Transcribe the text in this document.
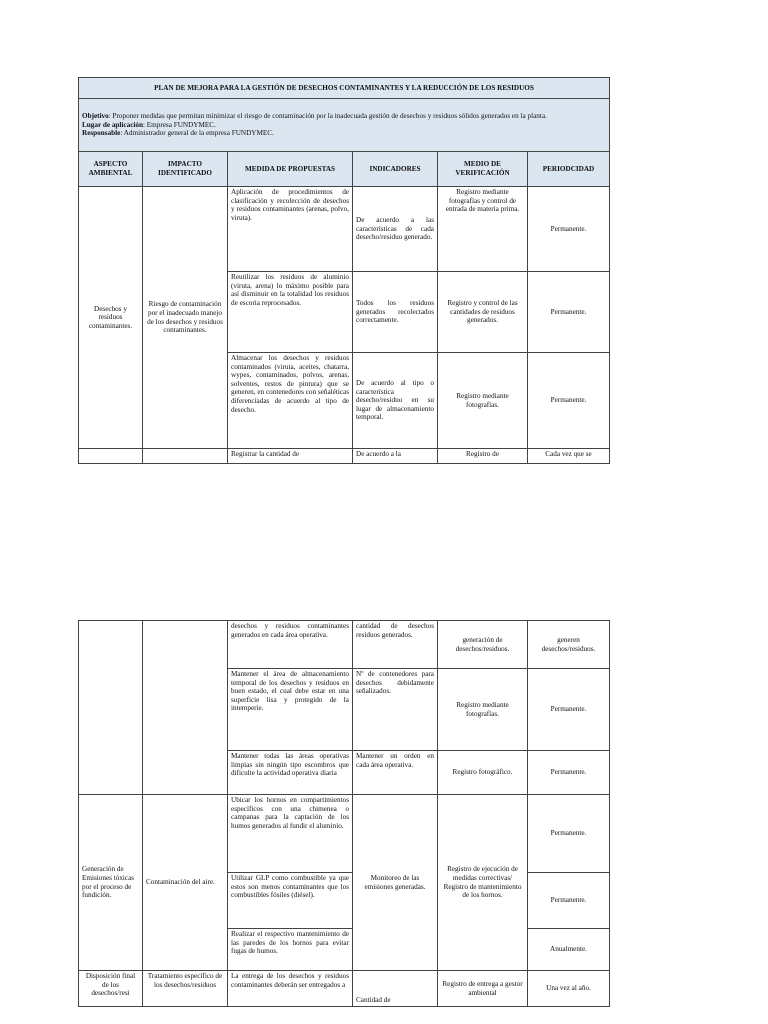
PLAN DE MEJORA PARA LA GESTIÓN DE DESECHOS CONTAMINANTES Y LA REDUCCIÓN DE LOS RESIDUOS					
Objetivo: Proponer medidas que permitan minimizar el riesgo de contaminación por la inadecuada gestión de desechos y residuos sólidos generados en la planta.
Lugar de aplicación: Empresa FUNDYMEC.
Responsable: Administrador general de la empresa FUNDYMEC.					
ASPECTO AMBIENTAL	IMPACTO IDENTIFICADO	MEDIDA DE PROPUESTAS	INDICADORES	MEDIO DE VERIFICACIÓN	PERIODCIDAD
Desechos y residuos contaminantes.	Riesgo de contaminación por el inadecuado manejo de los desechos y residuos contaminantes.	Aplicación de procedimientos de clasificación y recolección de desechos y residuos contaminantes (arenas, polvo, viruta).	De acuerdo a las características de cada desecho/residuo generado.	Registro mediante fotografías y control de entrada de materia prima.	Permanente.
		Reutilizar los residuos de aluminio (viruta, arena) lo máximo posible para así disminuir en la totalidad los residuos de escoria reprocesados.	Todos los residuos generados recolectados correctamente.	Registro y control de las cantidades de residuos generados.	Permanente.
		Almacenar los desechos y residuos contaminados (viruta, aceites, chatarra, wypes, contaminados, polvos, arenas, solventes, restos de pintura) que se generen, en contenedores con señaléticas diferenciadas de acuerdo al tipo de desecho.	De acuerdo al tipo o característica desecho/residuo en su lugar de almacenamiento temporal.	Registro mediante fotografías.	Permanente.
		Registrar la cantidad de	De acuerdo a la	Registro de	Cada vez que se
		desechos y residuos contaminantes generados en cada área operativa.	cantidad de desechos residuos generados.	generación de desechos/residuos.	generen desechos/residuos.
		Mantener el área de almacenamiento temporal de los desechos y residuos en buen estado, el cual debe estar en una superficie lisa y protegido de la intemperie.	Nº de contenedores para desechos debidamente señalizados.	Registro mediante fotografías.	Permanente.
		Mantener todas las áreas operativas limpias sin ningún tipo escombros que dificulte la actividad operativa diaria	Mantener un orden en cada área operativa.	Registro fotográfico.	Permanente.
Generación de Emisiones tóxicas por el proceso de fundición.	Contaminación del aire.	Ubicar los hornos en compartimientos específicos con una chimenea o campanas para la captación de los humos generados al fundir el aluminio.	Monitoreo de las emisiones generadas.	Registro de ejecución de medidas correctivas/ Registro de mantenimiento de los hornos.	Permanente.
		Utilizar GLP como combustible ya que estos son menos contaminantes que los combustibles fósiles (diésel).			Permanente.
		Realizar el respectivo mantenimiento de las paredes de los hornos para evitar fugas de humos.			Anualmente.
Disposición final de los desechos/resi	Tratamiento específico de los desechos/residuos	La entrega de los desechos y residuos contaminantes deberán ser entregados a	Cantidad de	Registro de entrega a gestor ambiental	Una vez al año.
